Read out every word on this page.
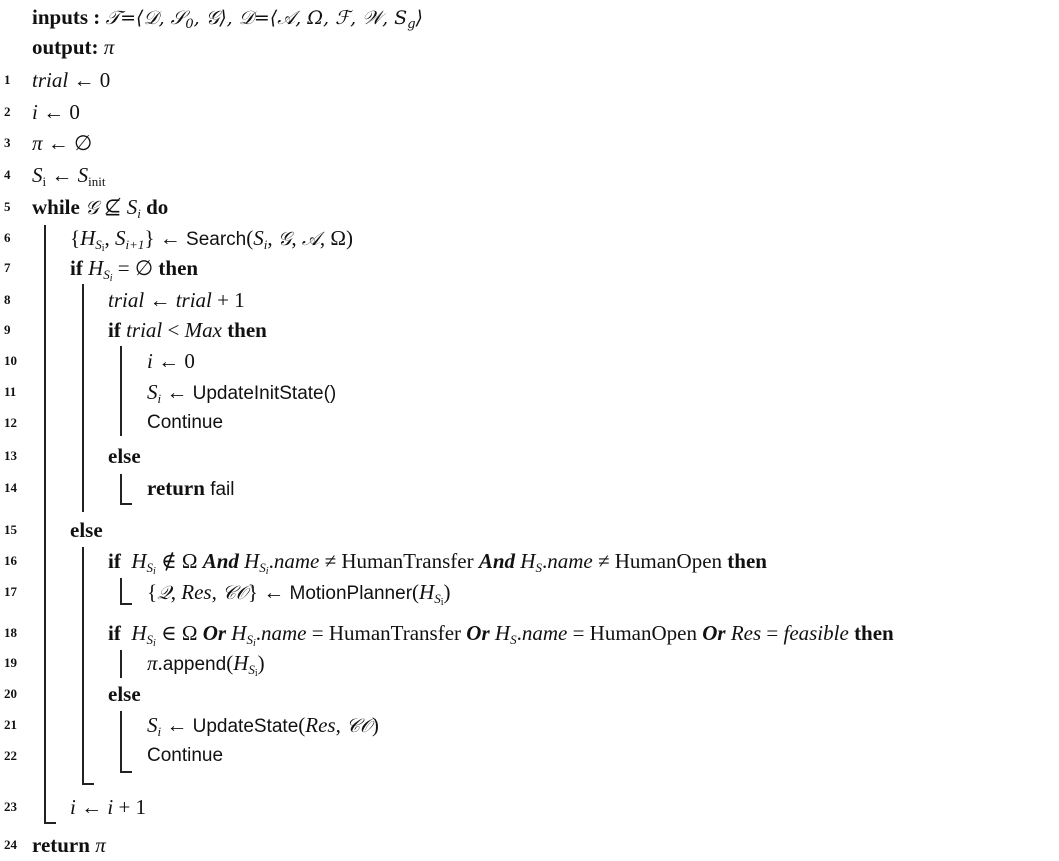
inputs : 𝒯=⟨𝒟, 𝒮$_0$, 𝒢⟩, 𝒟=⟨𝒜, Ω, ℱ, 𝒲, $S_g⟩$
output: π
1	trial ← 0
2	i ← 0
3	π ← ∅
4	$S_i$ ← $S_{init}$
5	while 𝒢 ⊈ $S_i$ do
6	{$H_{S_i}$, $S_{i+1}$} ← $Search(S_i$, 𝒢, 𝒜, Ω)
7	if $H_{S_i}$ = ∅ then
8	trial ← trial + 1
9	if trial < Max then
10	i ← 0
11	$S_i$ ← UpdateInitState()
12	Continue
13	else
14	return fail
15	else
16	if $H_{S_i}$ ∉ Ω And $H_{S_i}.name$ ≠ HumanTransfer And $H_S.name$ ≠ HumanOpen then
17	{𝒬, Res, 𝒞𝒪} ← $MotionPlanner(H_{S_i})$
18	if $H_{S_i}$ ∈ Ω Or $H_{S_i}.name$ = HumanTransfer Or $H_S.name$ = HumanOpen Or Res = feasible then
19	$\pi.append(H_{S_i})$
20	else
21	$S_i$ ← UpdateState(Res, 𝒞𝒪)
22	Continue
23	i ← i + 1
24 return π
